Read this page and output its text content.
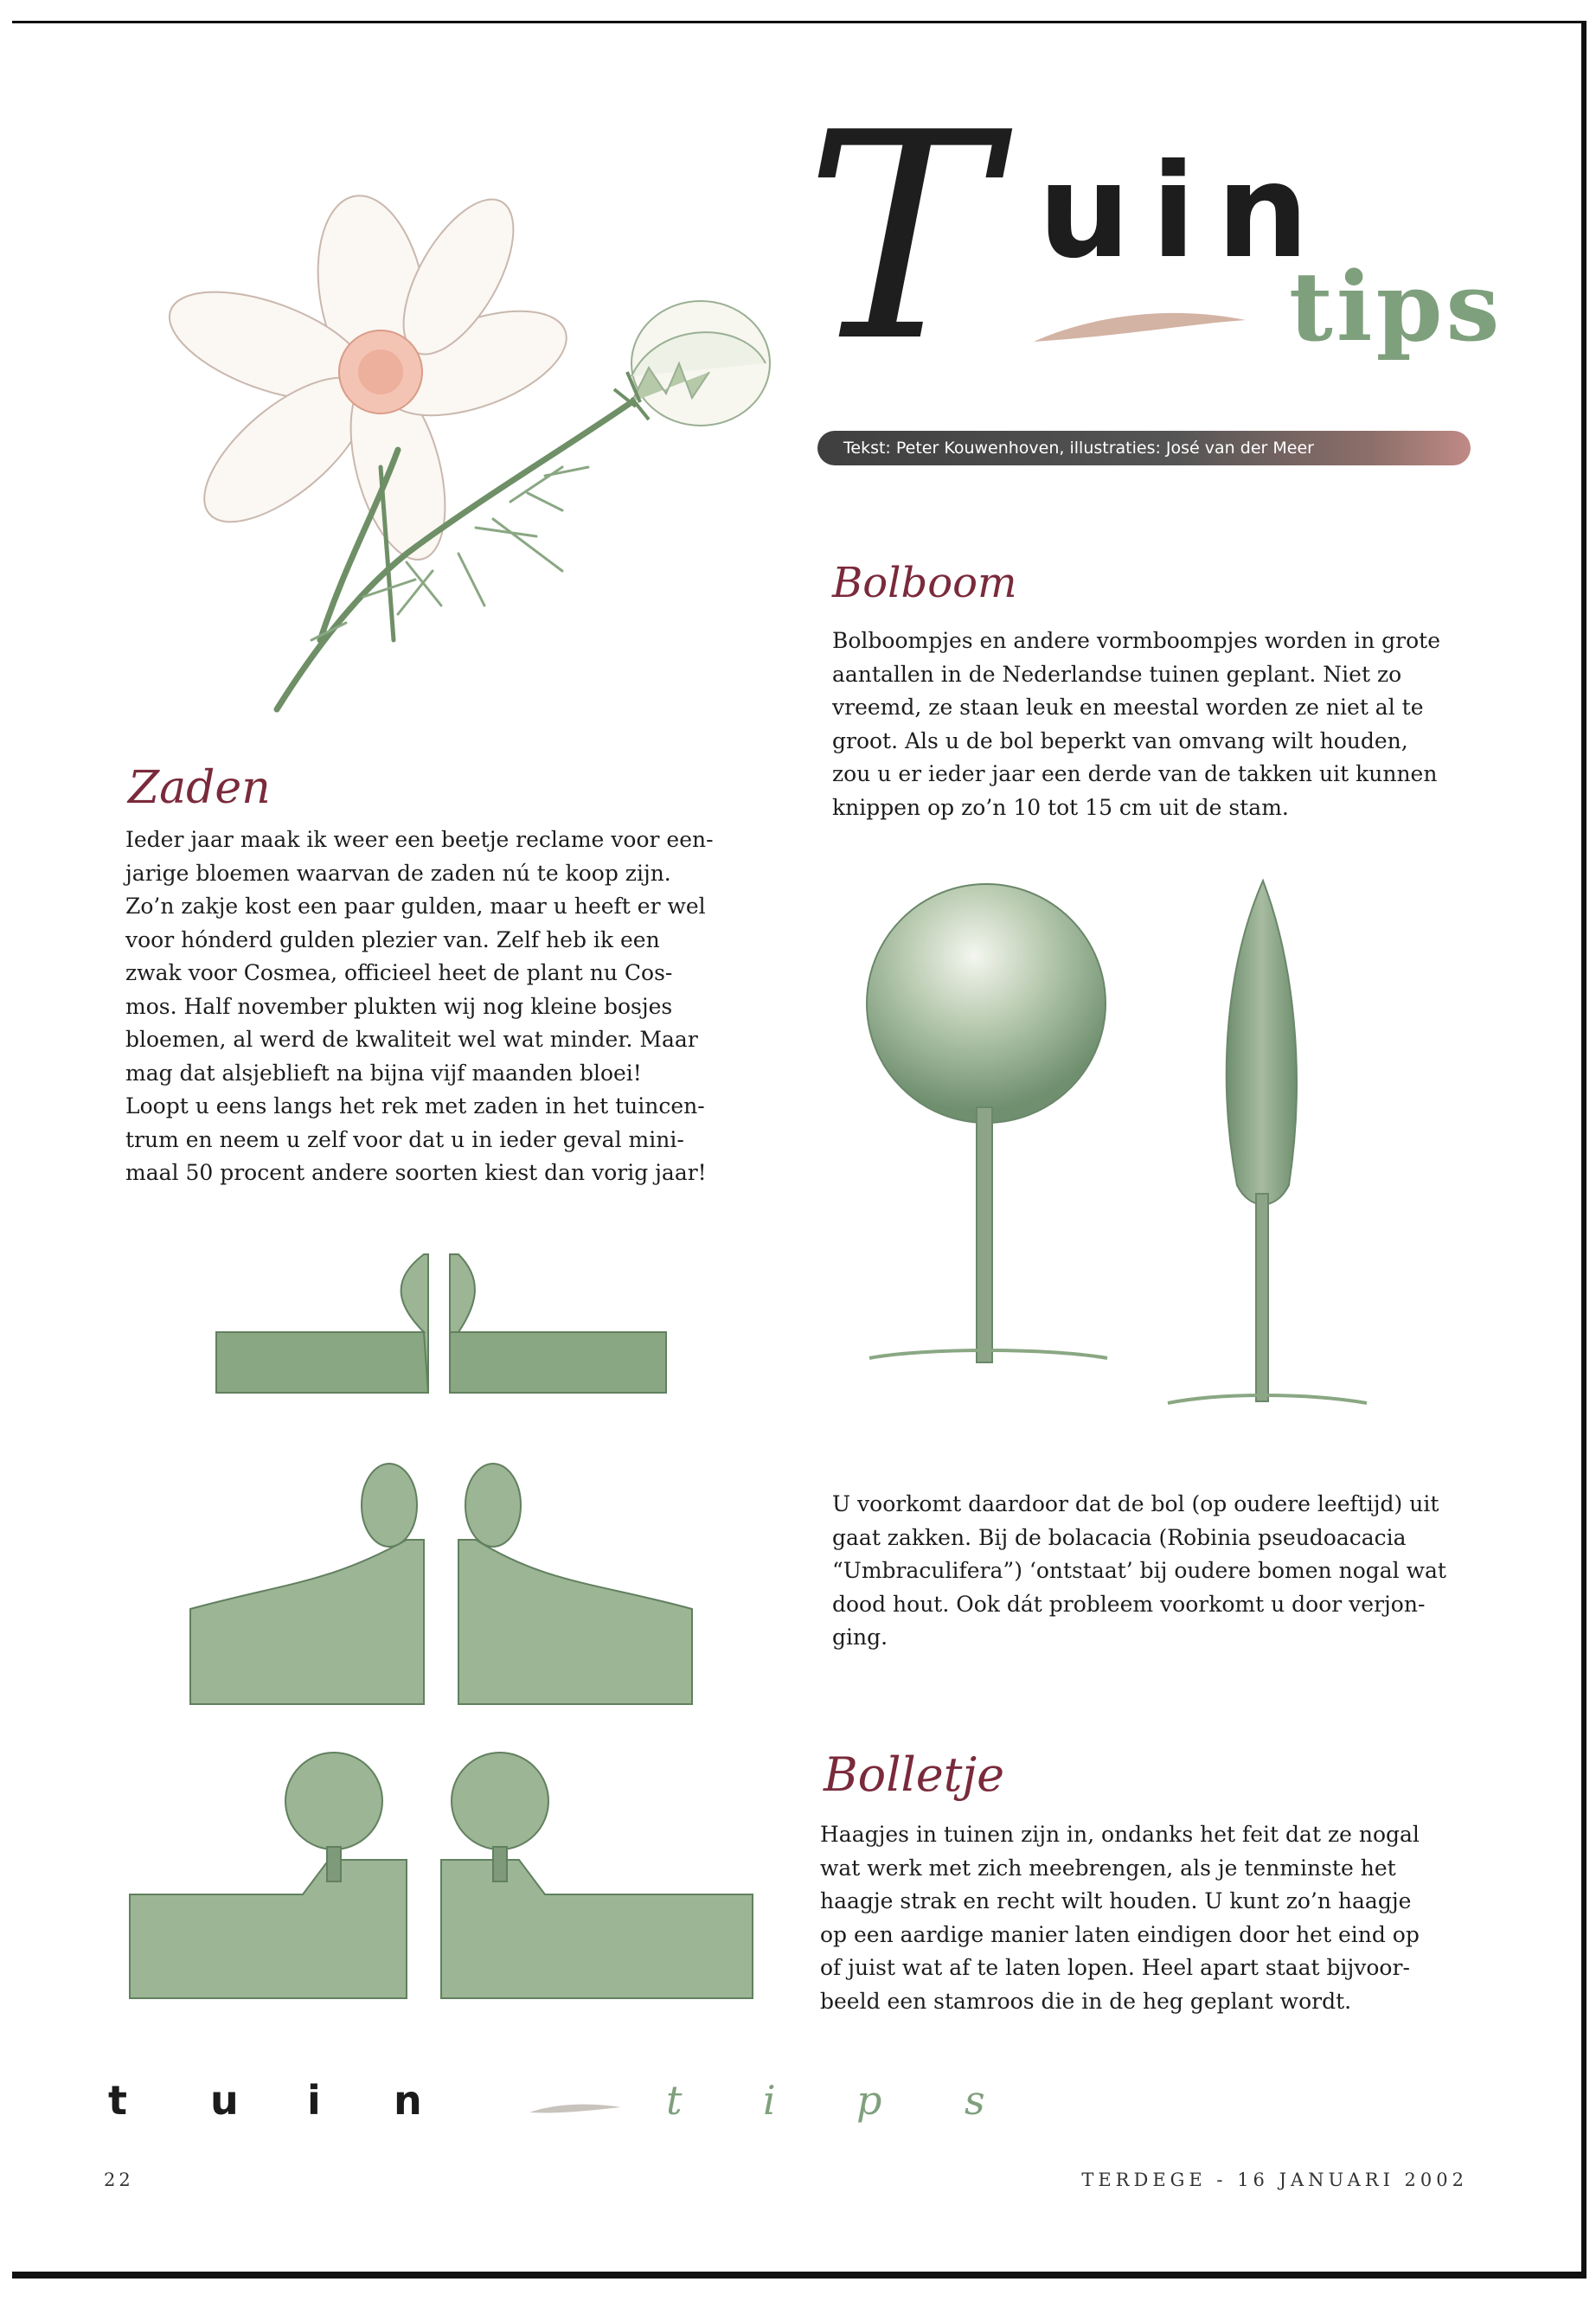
T uin
tips
Tekst: Peter Kouwenhoven, illustraties: José van der Meer
Zaden

Ieder jaar maak ik weer een beetje reclame voor een-
jarige bloemen waarvan de zaden nú te koop zijn.
Zo’n zakje kost een paar gulden, maar u heeft er wel
voor hónderd gulden plezier van. Zelf heb ik een
zwak voor Cosmea, officieel heet de plant nu Cos-
mos. Half november plukten wij nog kleine bosjes
bloemen, al werd de kwaliteit wel wat minder. Maar
mag dat alsjeblieft na bijna vijf maanden bloei!
Loopt u eens langs het rek met zaden in het tuincen-
trum en neem u zelf voor dat u in ieder geval mini-
maal 50 procent andere soorten kiest dan vorig jaar!

Bolboom

Bolboompjes en andere vormboompjes worden in grote
aantallen in de Nederlandse tuinen geplant. Niet zo
vreemd, ze staan leuk en meestal worden ze niet al te
groot. Als u de bol beperkt van omvang wilt houden,
zou u er ieder jaar een derde van de takken uit kunnen
knippen op zo’n 10 tot 15 cm uit de stam.

U voorkomt daardoor dat de bol (op oudere leeftijd) uit
gaat zakken. Bij de bolacacia (Robinia pseudoacacia
“Umbraculifera”) ‘ontstaat’ bij oudere bomen nogal wat
dood hout. Ook dát probleem voorkomt u door verjon-
ging.

Bolletje

Haagjes in tuinen zijn in, ondanks het feit dat ze nogal
wat werk met zich meebrengen, als je tenminste het
haagje strak en recht wilt houden. U kunt zo’n haagje
op een aardige manier laten eindigen door het eind op
of juist wat af te laten lopen. Heel apart staat bijvoor-
beeld een stamroos die in de heg geplant wordt.

t u i n	t i p s
22	TERDEGE - 16 JANUARI 2002
